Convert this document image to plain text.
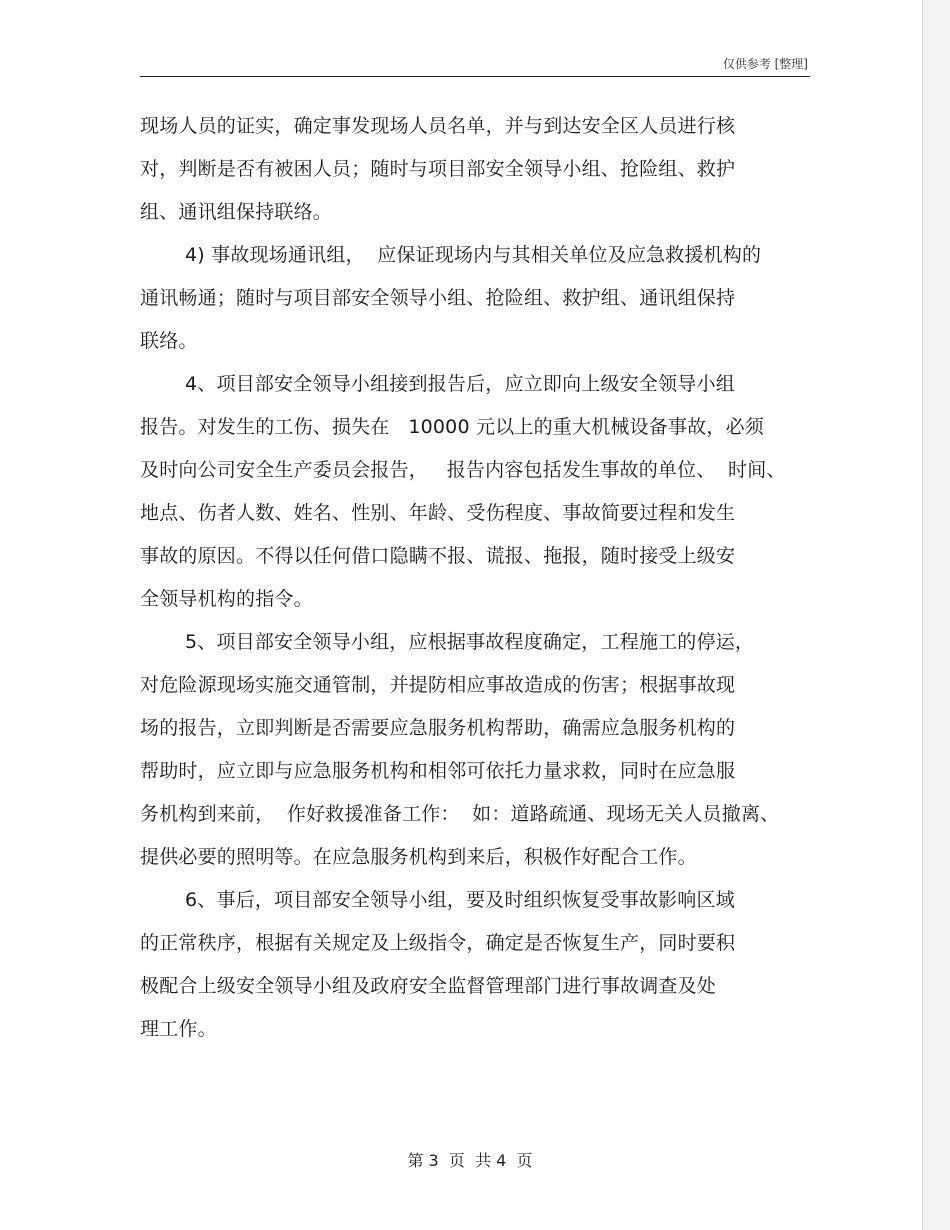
仅供参考 [整理]
现场人员的证实，确定事发现场人员名单，并与到达安全区人员进行核
对，判断是否有被困人员；随时与项目部安全领导小组、抢险组、救护
组、通讯组保持联络。
4) 事故现场通讯组，  应保证现场内与其相关单位及应急救援机构的
通讯畅通；随时与项目部安全领导小组、抢险组、救护组、通讯组保持
联络。
4、项目部安全领导小组接到报告后，应立即向上级安全领导小组
报告。对发生的工伤、损失在   10000 元以上的重大机械设备事故，必须
及时向公司安全生产委员会报告，   报告内容包括发生事故的单位、  时间、
地点、伤者人数、姓名、性别、年龄、受伤程度、事故简要过程和发生
事故的原因。不得以任何借口隐瞒不报、谎报、拖报，随时接受上级安
全领导机构的指令。
5、项目部安全领导小组，应根据事故程度确定，工程施工的停运，
对危险源现场实施交通管制，并提防相应事故造成的伤害；根据事故现
场的报告，立即判断是否需要应急服务机构帮助，确需应急服务机构的
帮助时，应立即与应急服务机构和相邻可依托力量求救，同时在应急服
务机构到来前，  作好救援准备工作：  如：道路疏通、现场无关人员撤离、
提供必要的照明等。在应急服务机构到来后，积极作好配合工作。
6、事后，项目部安全领导小组，要及时组织恢复受事故影响区域
的正常秩序，根据有关规定及上级指令，确定是否恢复生产，同时要积
极配合上级安全领导小组及政府安全监督管理部门进行事故调查及处
理工作。
第 3  页  共 4  页
